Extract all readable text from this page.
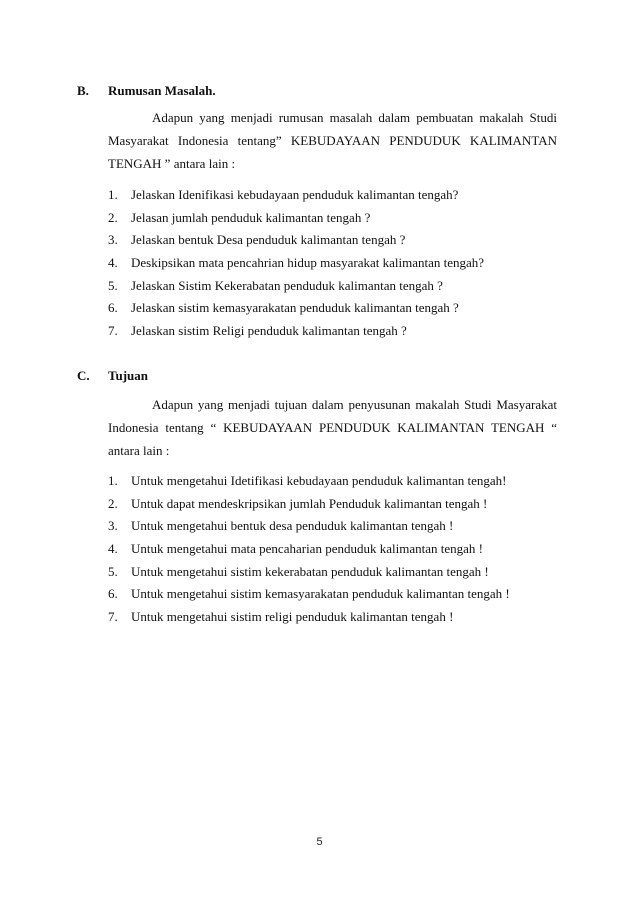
B. Rumusan Masalah.
Adapun yang menjadi rumusan masalah dalam pembuatan makalah Studi
Masyarakat Indonesia tentang” KEBUDAYAAN PENDUDUK KALIMANTAN
TENGAH ” antara lain :
1. Jelaskan Idenifikasi kebudayaan penduduk kalimantan tengah?
2. Jelasan jumlah penduduk kalimantan tengah ?
3. Jelaskan bentuk Desa penduduk kalimantan tengah ?
4. Deskipsikan mata pencahrian hidup masyarakat kalimantan tengah?
5. Jelaskan Sistim Kekerabatan penduduk kalimantan tengah ?
6. Jelaskan sistim kemasyarakatan penduduk kalimantan tengah ?
7. Jelaskan sistim Religi penduduk kalimantan tengah ?
C. Tujuan
Adapun yang menjadi tujuan dalam penyusunan makalah Studi Masyarakat
Indonesia tentang “ KEBUDAYAAN PENDUDUK KALIMANTAN TENGAH “
antara lain :
1. Untuk mengetahui Idetifikasi kebudayaan penduduk kalimantan tengah!
2. Untuk dapat mendeskripsikan jumlah Penduduk kalimantan tengah !
3. Untuk mengetahui bentuk desa penduduk kalimantan tengah !
4. Untuk mengetahui mata pencaharian penduduk kalimantan tengah !
5. Untuk mengetahui sistim kekerabatan penduduk kalimantan tengah !
6. Untuk mengetahui sistim kemasyarakatan penduduk kalimantan tengah !
7. Untuk mengetahui sistim religi penduduk kalimantan tengah !
5
